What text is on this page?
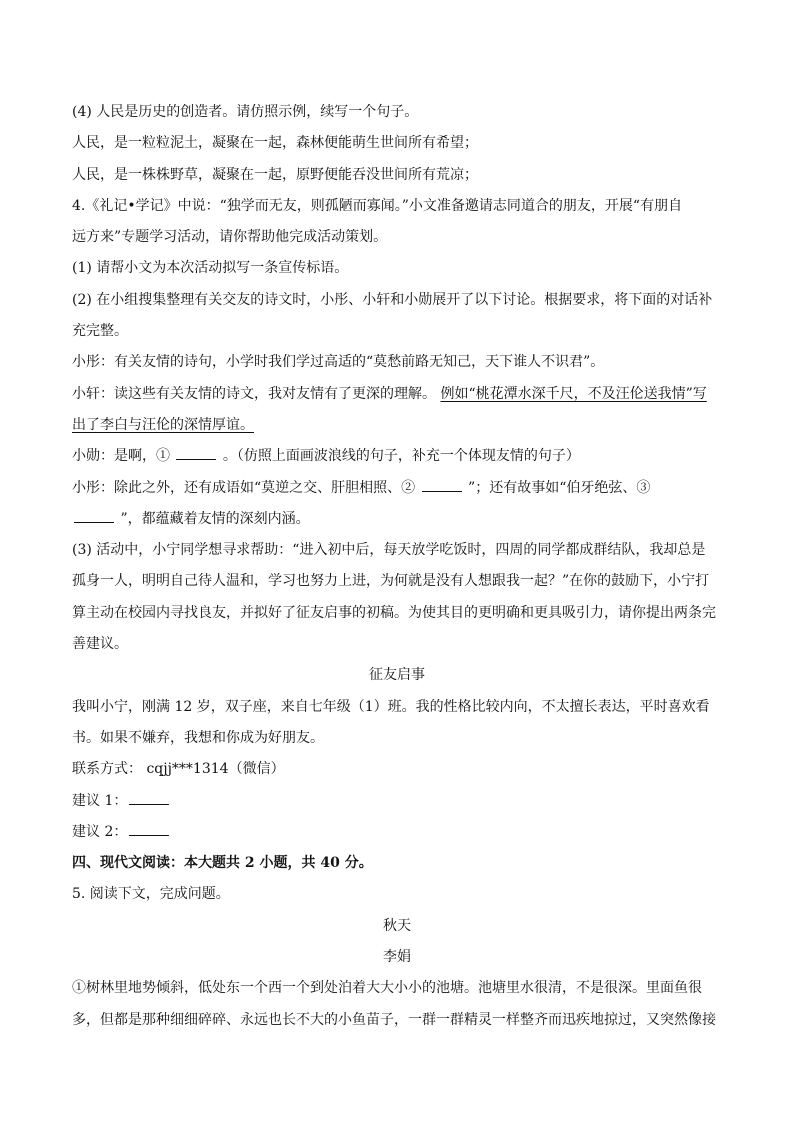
(4) 人民是历史的创造者。请仿照示例，续写一个句子。
人民，是一粒粒泥土，凝聚在一起，森林便能萌生世间所有希望；
人民，是一株株野草，凝聚在一起，原野便能吞没世间所有荒凉；
4.《礼记•学记》中说：“独学而无友，则孤陋而寡闻。”小文准备邀请志同道合的朋友，开展“有朋自
远方来”专题学习活动，请你帮助他完成活动策划。
(1) 请帮小文为本次活动拟写一条宣传标语。
(2) 在小组搜集整理有关交友的诗文时，小彤、小轩和小勋展开了以下讨论。根据要求，将下面的对话补
充完整。
小彤：有关友情的诗句，小学时我们学过高适的“莫愁前路无知己，天下谁人不识君”。
小轩：读这些有关友情的诗文，我对友情有了更深的理解。 例如“桃花潭水深千尺，不及汪伦送我情”写
出了李白与汪伦的深情厚谊。
小勋：是啊，①	。（仿照上面画波浪线的句子，补充一个体现友情的句子）
小彤：除此之外，还有成语如“莫逆之交、肝胆相照、②	”；还有故事如“伯牙绝弦、③
”，都蕴藏着友情的深刻内涵。
(3) 活动中，小宁同学想寻求帮助：“进入初中后，每天放学吃饭时，四周的同学都成群结队，我却总是
孤身一人，明明自己待人温和，学习也努力上进，为何就是没有人想跟我一起？”在你的鼓励下，小宁打
算主动在校园内寻找良友，并拟好了征友启事的初稿。为使其目的更明确和更具吸引力，请你提出两条完
善建议。
征友启事
我叫小宁，刚满 12 岁，双子座，来自七年级（1）班。我的性格比较内向，不太擅长表达，平时喜欢看
书。如果不嫌弃，我想和你成为好朋友。
联系方式： cqjj***1314（微信）
建议 1：
建议 2：
四、现代文阅读：本大题共 2 小题，共 40 分。
5. 阅读下文，完成问题。
秋天
李娟
①树林里地势倾斜，低处东一个西一个到处泊着大大小小的池塘。池塘里水很清，不是很深。里面鱼很
多，但都是那种细细碎碎、永远也长不大的小鱼苗子，一群一群精灵一样整齐而迅疾地掠过，又突然像接
